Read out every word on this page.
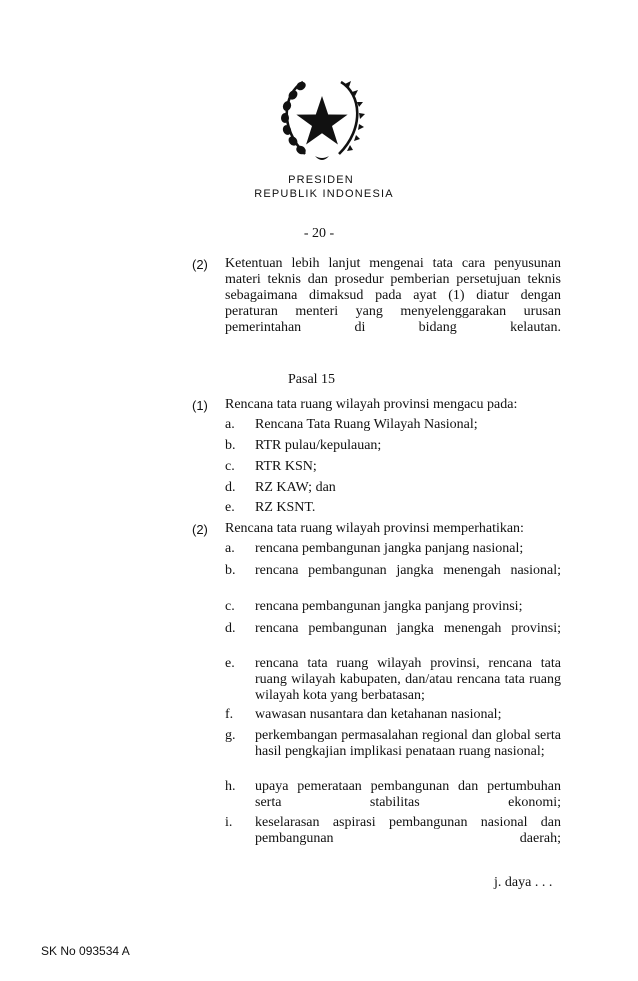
PRESIDEN
REPUBLIK INDONESIA
- 20 -
(2) Ketentuan lebih lanjut mengenai tata cara penyusunan materi teknis dan prosedur pemberian persetujuan teknis sebagaimana dimaksud pada ayat (1) diatur dengan peraturan menteri yang menyelenggarakan urusan pemerintahan di bidang kelautan.
Pasal 15
(1) Rencana tata ruang wilayah provinsi mengacu pada:
a. Rencana Tata Ruang Wilayah Nasional;
b. RTR pulau/kepulauan;
c. RTR KSN;
d. RZ KAW; dan
e. RZ KSNT.
(2) Rencana tata ruang wilayah provinsi memperhatikan:
a. rencana pembangunan jangka panjang nasional;
b. rencana pembangunan jangka menengah nasional;
c. rencana pembangunan jangka panjang provinsi;
d. rencana pembangunan jangka menengah provinsi;
e. rencana tata ruang wilayah provinsi, rencana tata ruang wilayah kabupaten, dan/atau rencana tata ruang wilayah kota yang berbatasan;
f. wawasan nusantara dan ketahanan nasional;
g. perkembangan permasalahan regional dan global serta hasil pengkajian implikasi penataan ruang nasional;
h. upaya pemerataan pembangunan dan pertumbuhan serta stabilitas ekonomi;
i. keselarasan aspirasi pembangunan nasional dan pembangunan daerah;
j. daya . . .
SK No 093534 A
